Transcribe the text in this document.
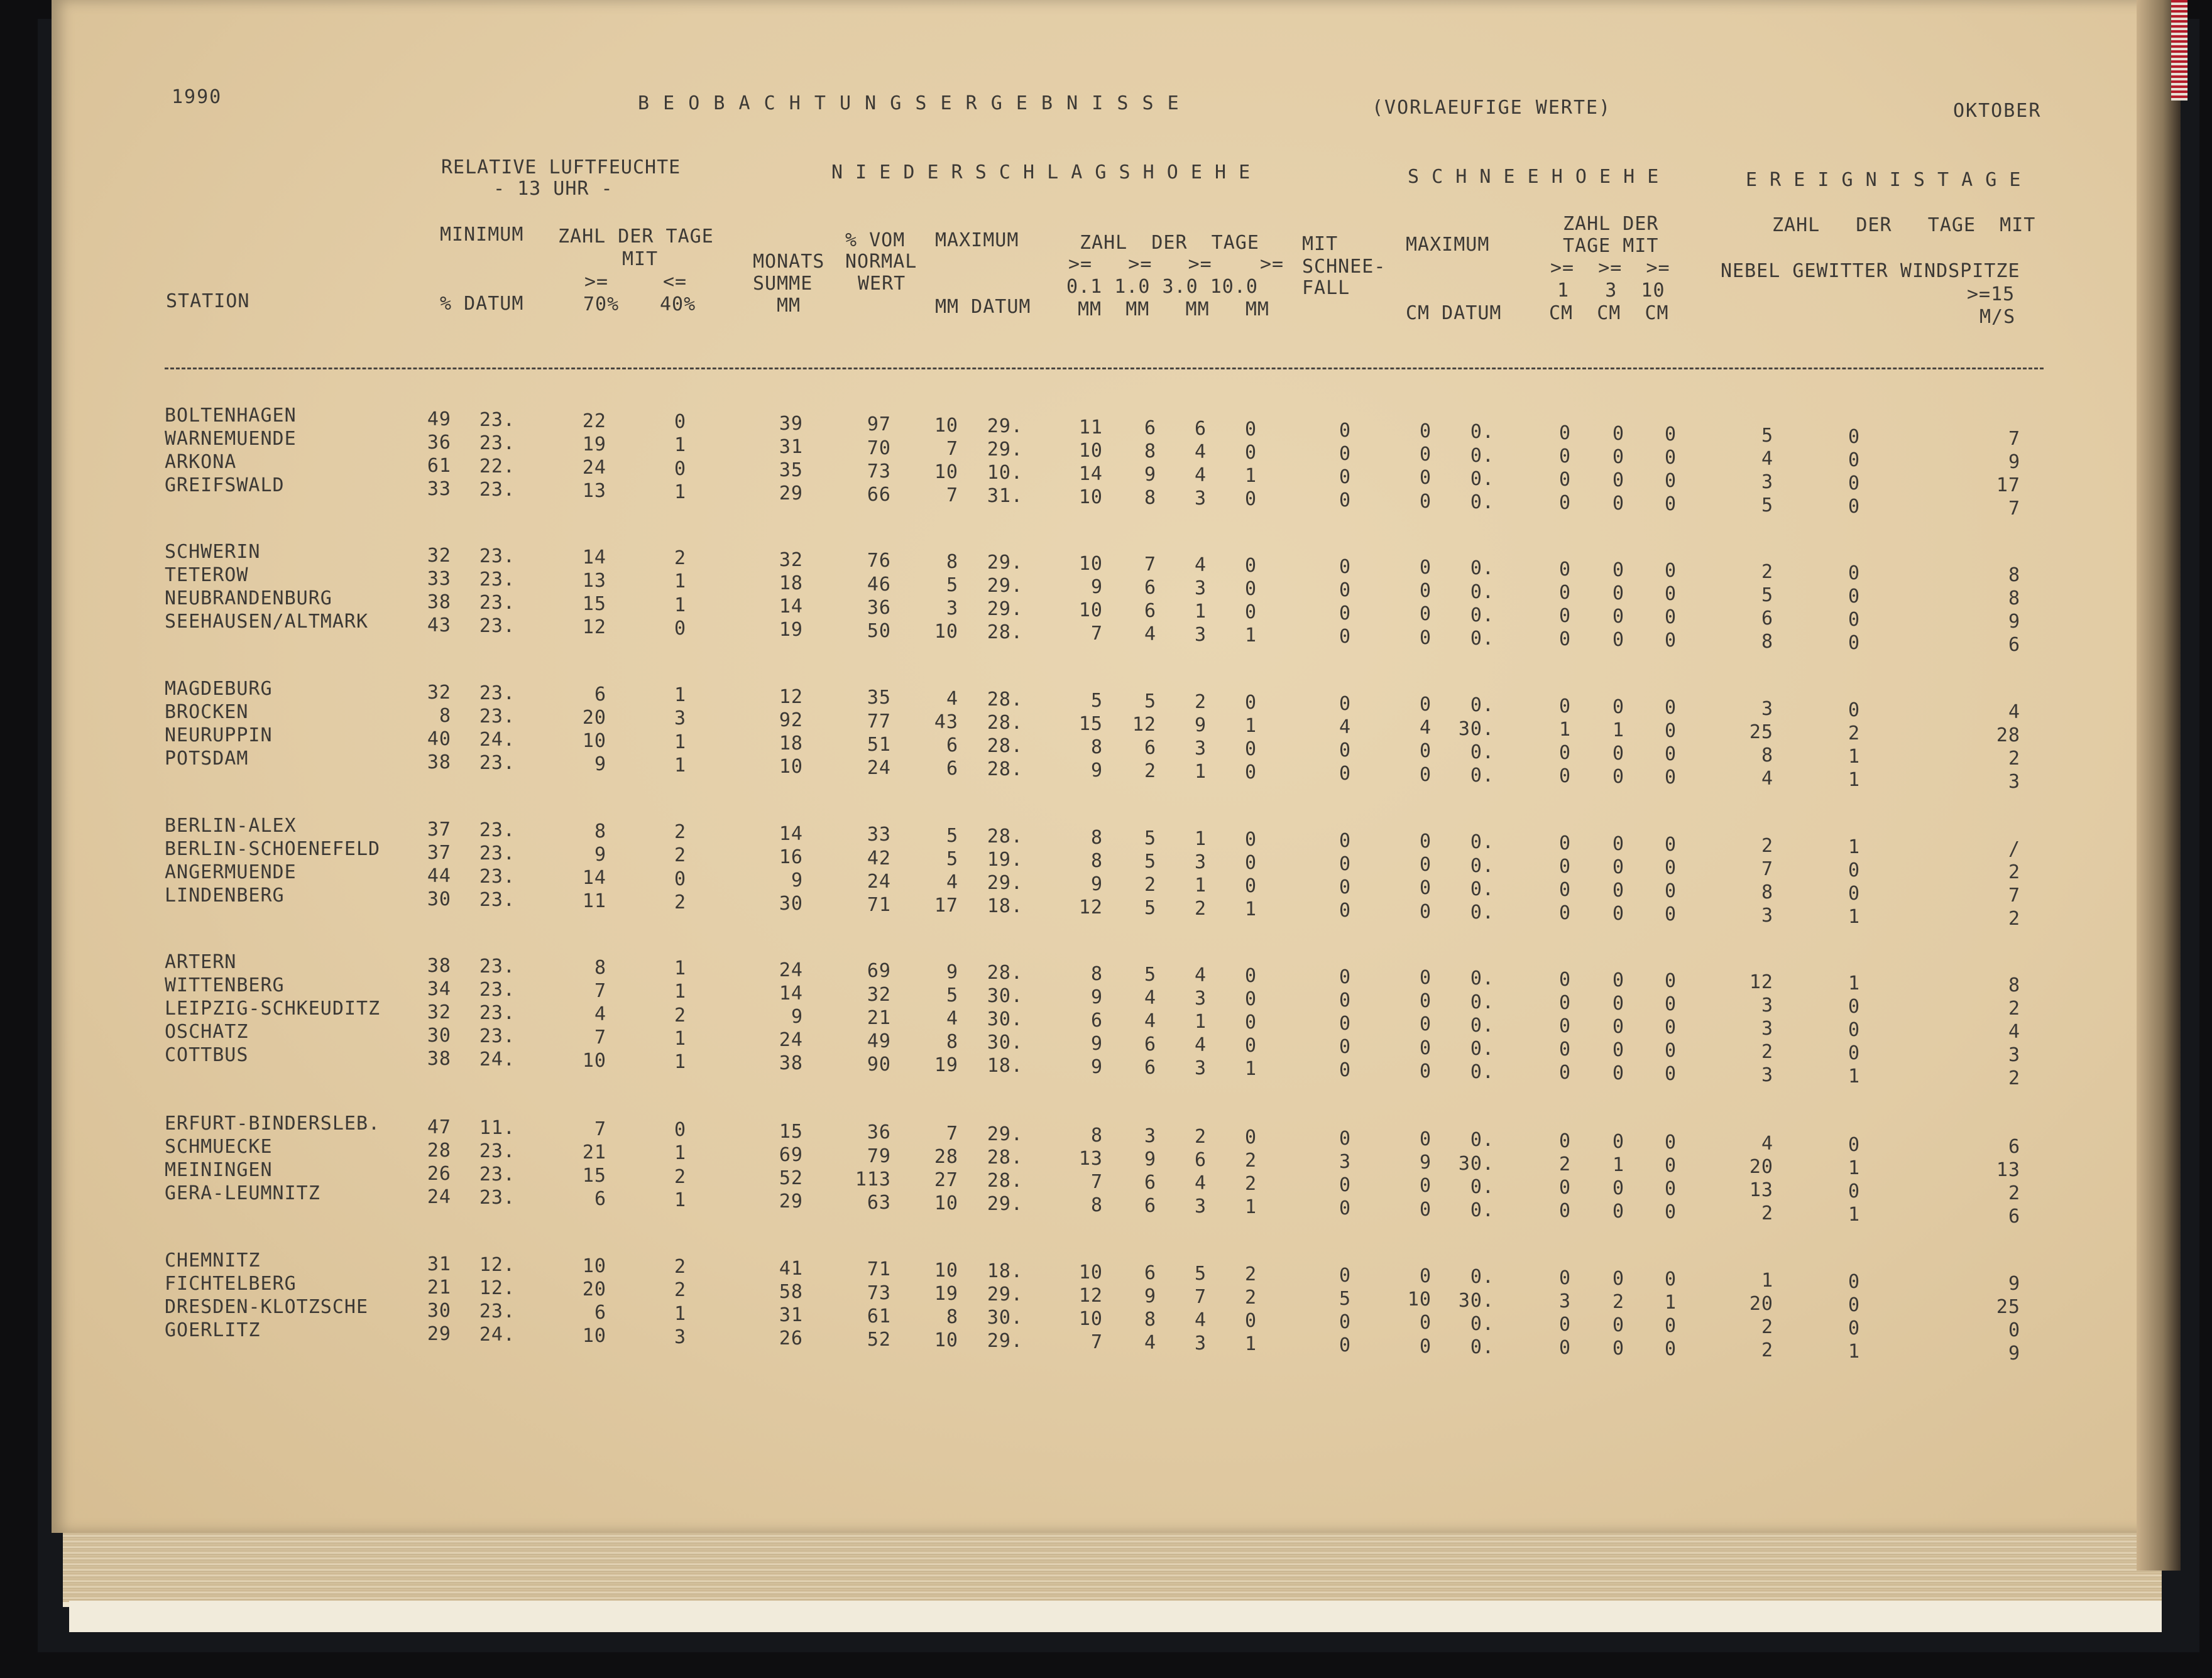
1990	B E O B A C H T U N G S E R G E B N I S S E	(VORLAEUFIGE WERTE)	OKTOBER
RELATIVE LUFTFEUCHTE
- 13 UHR -
N I E D E R S C H L A G S H O E H E	S C H N E E H O E H E	E R E I G N I S T A G E
STATION
MINIMUM
% DATUM
ZAHL DER TAGE
MIT
>=	<=
70% 40%
MONATS
SUMME
MM
% VOM
NORMAL
WERT
MAXIMUM
MM DATUM
ZAHL  DER  TAGE
>=   >=   >=    >=
0.1 1.0 3.0 10.0
MM  MM   MM   MM
MIT
SCHNEE-
FALL
MAXIMUM
CM DATUM
ZAHL DER
TAGE MIT
>=  >=  >=
1   3  10
CM  CM  CM
ZAHL   DER   TAGE  MIT
NEBEL GEWITTER WINDSPITZE
>=15
M/S
BOLTENHAGEN	49	23.	22	0	39	97	10	29.	11	6	6	0	0	0	0.	0	0	0	5	0	7
WARNEMUENDE	36	23.	19	1	31	70	7	29.	10	8	4	0	0	0	0.	0	0	0	4	0	9
ARKONA	61	22.	24	0	35	73	10	10.	14	9	4	1	0	0	0.	0	0	0	3	0	17
GREIFSWALD	33	23.	13	1	29	66	7	31.	10	8	3	0	0	0	0.	0	0	0	5	0	7
SCHWERIN	32	23.	14	2	32	76	8	29.	10	7	4	0	0	0	0.	0	0	0	2	0	8
TETEROW	33	23.	13	1	18	46	5	29.	9	6	3	0	0	0	0.	0	0	0	5	0	8
NEUBRANDENBURG	38	23.	15	1	14	36	3	29.	10	6	1	0	0	0	0.	0	0	0	6	0	9
SEEHAUSEN/ALTMARK	43	23.	12	0	19	50	10	28.	7	4	3	1	0	0	0.	0	0	0	8	0	6
MAGDEBURG	32	23.	6	1	12	35	4	28.	5	5	2	0	0	0	0.	0	0	0	3	0	4
BROCKEN	8	23.	20	3	92	77	43	28.	15	12	9	1	4	4	30.	1	1	0	25	2	28
NEURUPPIN	40	24.	10	1	18	51	6	28.	8	6	3	0	0	0	0.	0	0	0	8	1	2
POTSDAM	38	23.	9	1	10	24	6	28.	9	2	1	0	0	0	0.	0	0	0	4	1	3
BERLIN-ALEX	37	23.	8	2	14	33	5	28.	8	5	1	0	0	0	0.	0	0	0	2	1	/
BERLIN-SCHOENEFELD	37	23.	9	2	16	42	5	19.	8	5	3	0	0	0	0.	0	0	0	7	0	2
ANGERMUENDE	44	23.	14	0	9	24	4	29.	9	2	1	0	0	0	0.	0	0	0	8	0	7
LINDENBERG	30	23.	11	2	30	71	17	18.	12	5	2	1	0	0	0.	0	0	0	3	1	2
ARTERN	38	23.	8	1	24	69	9	28.	8	5	4	0	0	0	0.	0	0	0	12	1	8
WITTENBERG	34	23.	7	1	14	32	5	30.	9	4	3	0	0	0	0.	0	0	0	3	0	2
LEIPZIG-SCHKEUDITZ	32	23.	4	2	9	21	4	30.	6	4	1	0	0	0	0.	0	0	0	3	0	4
OSCHATZ	30	23.	7	1	24	49	8	30.	9	6	4	0	0	0	0.	0	0	0	2	0	3
COTTBUS	38	24.	10	1	38	90	19	18.	9	6	3	1	0	0	0.	0	0	0	3	1	2
ERFURT-BINDERSLEB.	47	11.	7	0	15	36	7	29.	8	3	2	0	0	0	0.	0	0	0	4	0	6
SCHMUECKE	28	23.	21	1	69	79	28	28.	13	9	6	2	3	9	30.	2	1	0	20	1	13
MEININGEN	26	23.	15	2	52	113	27	28.	7	6	4	2	0	0	0.	0	0	0	13	0	2
GERA-LEUMNITZ	24	23.	6	1	29	63	10	29.	8	6	3	1	0	0	0.	0	0	0	2	1	6
CHEMNITZ	31	12.	10	2	41	71	10	18.	10	6	5	2	0	0	0.	0	0	0	1	0	9
FICHTELBERG	21	12.	20	2	58	73	19	29.	12	9	7	2	5	10	30.	3	2	1	20	0	25
DRESDEN-KLOTZSCHE	30	23.	6	1	31	61	8	30.	10	8	4	0	0	0	0.	0	0	0	2	0	0
GOERLITZ	29	24.	10	3	26	52	10	29.	7	4	3	1	0	0	0.	0	0	0	2	1	9
